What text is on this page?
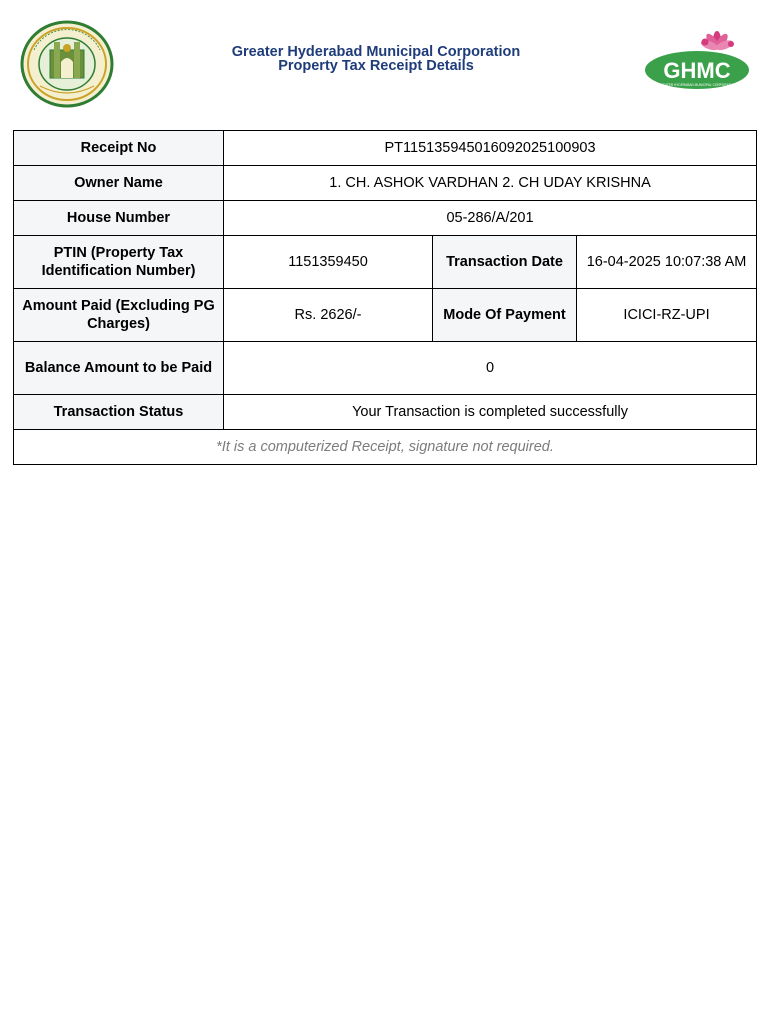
Greater Hyderabad Municipal Corporation
Property Tax Receipt Details	GHMC
GREATER HYDERABAD MUNICIPAL CORPORATION
Receipt No	PT1151359450160920251​00903		
Owner Name	1. CH. ASHOK VARDHAN 2. CH UDAY KRISHNA		
House Number	05-286/A/201		
PTIN (Property Tax Identification Number)	1151359450	Transaction Date	16-04-2025 10:07:38 AM
Amount Paid (Excluding PG Charges)	Rs. 2626/-	Mode Of Payment	ICICI-RZ-UPI
Balance Amount to be Paid	0		
Transaction Status	Your Transaction is completed successfully		
*It is a computerized Receipt, signature not required.			
